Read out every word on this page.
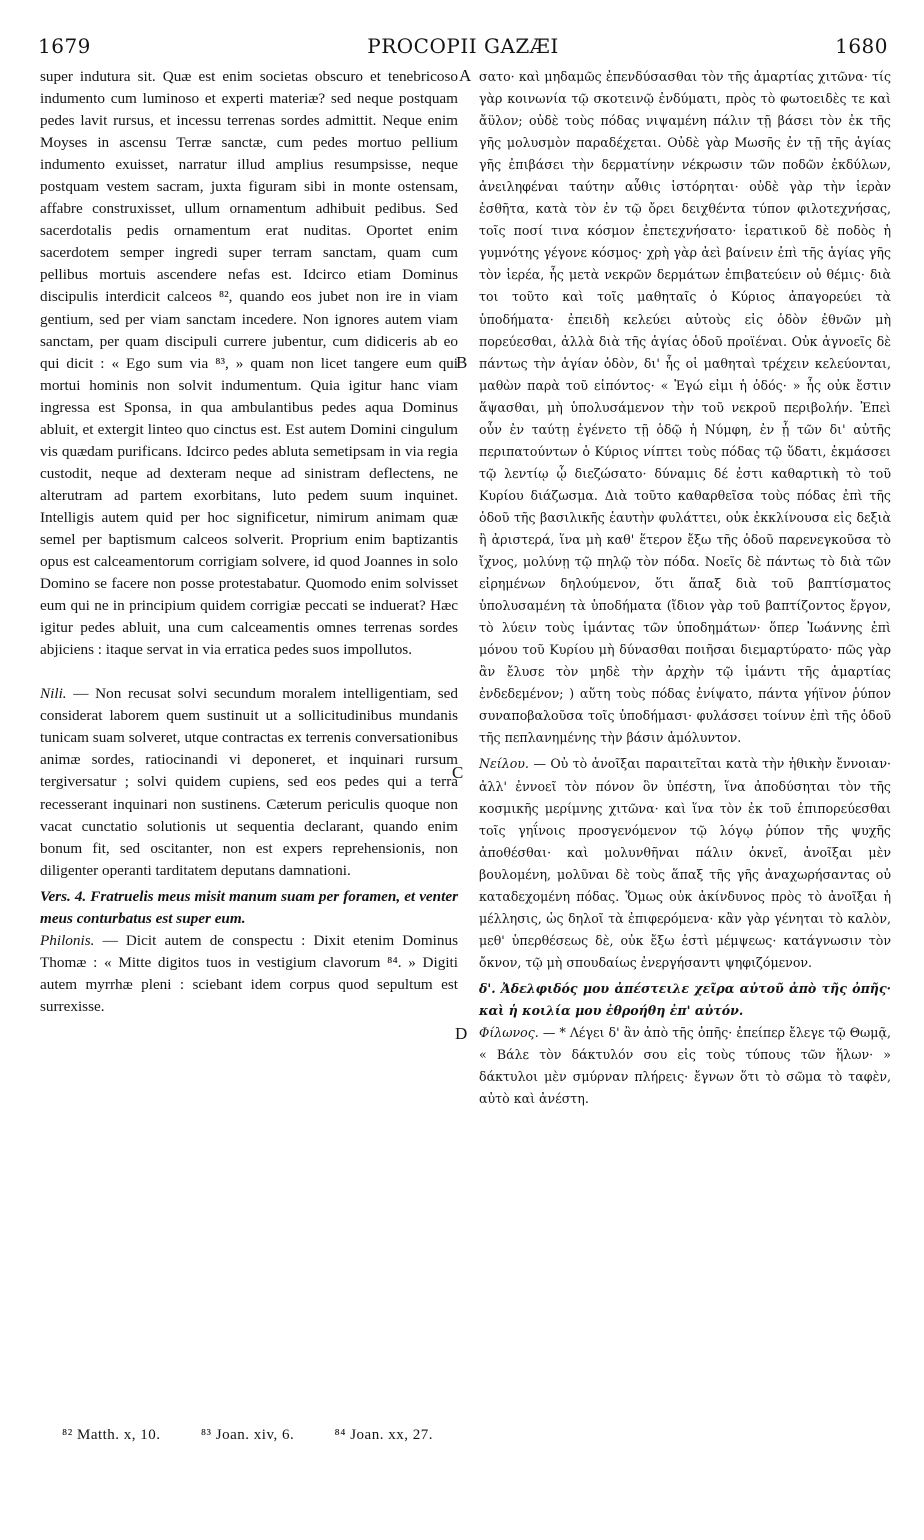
1679	PROCOPII GAZÆI	1680

super indutura sit. Quæ est enim societas obscuro et tenebricoso indumento cum luminoso et experti materiæ? sed neque postquam pedes lavit rursus, et incessu terrenas sordes admittit. Neque enim Moyses in ascensu Terræ sanctæ, cum pedes mortuo pellium indumento exuisset, narratur illud amplius resumpsisse, neque postquam vestem sacram, juxta figuram sibi in monte ostensam, affabre construxisset, ullum ornamentum adhibuit pedibus. Sed sacerdotalis pedis ornamentum erat nuditas. Oportet enim sacerdotem semper ingredi super terram sanctam, quam cum pellibus mortuis ascendere nefas est. Idcirco etiam Dominus discipulis interdicit calceos ⁸², quando eos jubet non ire in viam gentium, sed per viam sanctam incedere. Non ignores autem viam sanctam, per quam discipuli currere jubentur, cum didiceris ab eo qui dicit : « Ego sum via ⁸³, » quam non licet tangere eum qui mortui hominis non solvit indumentum. Quia igitur hanc viam ingressa est Sponsa, in qua ambulantibus pedes aqua Dominus abluit, et extergit linteo quo cinctus est. Est autem Domini cingulum vis quædam purificans. Idcirco pedes abluta semetipsam in via regia custodit, neque ad dexteram neque ad sinistram deflectens, ne alterutram ad partem exorbitans, luto pedem suum inquinet. Intelligis autem quid per hoc significetur, nimirum animam quæ semel per baptismum calceos solverit. Proprium enim baptizantis opus est calceamentorum corrigiam solvere, id quod Joannes in solo Domino se facere non posse protestabatur. Quomodo enim solvisset eum qui ne in principium quidem corrigiæ peccati se induerat? Hæc igitur pedes abluit, una cum calceamentis omnes terrenas sordes abjiciens : itaque servat in via erratica pedes suos impollutos.

Nili. — Non recusat solvi secundum moralem intelligentiam, sed considerat laborem quem sustinuit ut a sollicitudinibus mundanis tunicam suam solveret, utque contractas ex terrenis conversationibus animæ sordes, ratiocinandi vi deponeret, et inquinari rursum tergiversatur ; solvi quidem cupiens, sed eos pedes qui a terra recesserant inquinari non sustinens. Cæterum periculis quoque non vacat cunctatio solutionis ut sequentia declarant, quando enim bonum fit, sed oscitanter, non est expers reprehensionis, non diligenter operanti tarditatem deputans damnationi.

Vers. 4. Fratruelis meus misit manum suam per foramen, et venter meus conturbatus est super eum.

Philonis. — Dicit autem de conspectu : Dixit etenim Dominus Thomæ : « Mitte digitos tuos in vestigium clavorum ⁸⁴. » Digiti autem myrrhæ pleni : sciebant idem corpus quod sepultum est surrexisse.

A
B
C
D

σατο· καὶ μηδαμῶς ἐπενδύσασθαι τὸν τῆς ἁμαρτίας χιτῶνα· τίς γὰρ κοινωνία τῷ σκοτεινῷ ἐνδύματι, πρὸς τὸ φωτοειδὲς τε καὶ ἄϋλον; οὐδὲ τοὺς πόδας νιψαμένη πάλιν τῇ βάσει τὸν ἐκ τῆς γῆς μολυσμὸν παραδέχεται. Οὐδὲ γὰρ Μωσῆς ἐν τῇ τῆς ἁγίας γῆς ἐπιβάσει τὴν δερματίνην νέκρωσιν τῶν ποδῶν ἐκδύλων, ἀνειληφέναι ταύτην αὖθις ἱστόρηται· οὐδὲ γὰρ τὴν ἱερὰν ἐσθῆτα, κατὰ τὸν ἐν τῷ ὄρει δειχθέντα τύπον φιλοτεχνήσας, τοῖς ποσί τινα κόσμον ἐπετεχνήσατο· ἱερατικοῦ δὲ ποδὸς ἡ γυμνότης γέγονε κόσμος· χρὴ γὰρ ἀεὶ βαίνειν ἐπὶ τῆς ἁγίας γῆς τὸν ἱερέα, ἧς μετὰ νεκρῶν δερμάτων ἐπιβατεύειν οὐ θέμις· διὰ τοι τοῦτο καὶ τοῖς μαθηταῖς ὁ Κύριος ἀπαγορεύει τὰ ὑποδήματα· ἐπειδὴ κελεύει αὐτοὺς εἰς ὁδὸν ἐθνῶν μὴ πορεύεσθαι, ἀλλὰ διὰ τῆς ἁγίας ὁδοῦ προϊέναι. Οὐκ ἀγνοεῖς δὲ πάντως τὴν ἁγίαν ὁδὸν, δι' ἧς οἱ μαθηταὶ τρέχειν κελεύονται, μαθὼν παρὰ τοῦ εἰπόντος· « Ἐγώ εἰμι ἡ ὁδός· » ἧς οὐκ ἔστιν ἅψασθαι, μὴ ὑπολυσάμενον τὴν τοῦ νεκροῦ περιβολήν. Ἐπεὶ οὖν ἐν ταύτῃ ἐγένετο τῇ ὁδῷ ἡ Νύμφη, ἐν ᾗ τῶν δι' αὐτῆς περιπατούντων ὁ Κύριος νίπτει τοὺς πόδας τῷ ὕδατι, ἐκμάσσει τῷ λεντίῳ ᾧ διεζώσατο· δύναμις δέ ἐστι καθαρτικὴ τὸ τοῦ Κυρίου διάζωσμα. Διὰ τοῦτο καθαρθεῖσα τοὺς πόδας ἐπὶ τῆς ὁδοῦ τῆς βασιλικῆς ἑαυτὴν φυλάττει, οὐκ ἐκκλίνουσα εἰς δεξιὰ ἢ ἀριστερά, ἵνα μὴ καθ' ἕτερον ἔξω τῆς ὁδοῦ παρενεγκοῦσα τὸ ἴχνος, μολύνῃ τῷ πηλῷ τὸν πόδα. Νοεῖς δὲ πάντως τὸ διὰ τῶν εἰρημένων δηλούμενον, ὅτι ἅπαξ διὰ τοῦ βαπτίσματος ὑπολυσαμένη τὰ ὑποδήματα (ἴδιον γὰρ τοῦ βαπτίζοντος ἔργον, τὸ λύειν τοὺς ἱμάντας τῶν ὑποδημάτων· ὅπερ Ἰωάννης ἐπὶ μόνου τοῦ Κυρίου μὴ δύνασθαι ποιῆσαι διεμαρτύρατο· πῶς γὰρ ἂν ἔλυσε τὸν μηδὲ τὴν ἀρχὴν τῷ ἱμάντι τῆς ἁμαρτίας ἐνδεδεμένον; ) αὕτη τοὺς πόδας ἐνίψατο, πάντα γήϊνον ῥύπον συναποβαλοῦσα τοῖς ὑποδήμασι· φυλάσσει τοίνυν ἐπὶ τῆς ὁδοῦ τῆς πεπλανημένης τὴν βάσιν ἀμόλυντον.

Νείλου. — Οὐ τὸ ἀνοῖξαι παραιτεῖται κατὰ τὴν ἠθικὴν ἔννοιαν· ἀλλ' ἐννοεῖ τὸν πόνον ὃν ὑπέστη, ἵνα ἀποδύσηται τὸν τῆς κοσμικῆς μερίμνης χιτῶνα· καὶ ἵνα τὸν ἐκ τοῦ ἐπιπορεύεσθαι τοῖς γηΐνοις προσγενόμενον τῷ λόγῳ ῥύπον τῆς ψυχῆς ἀποθέσθαι· καὶ μολυνθῆναι πάλιν ὀκνεῖ, ἀνοῖξαι μὲν βουλομένη, μολῦναι δὲ τοὺς ἅπαξ τῆς γῆς ἀναχωρήσαντας οὐ καταδεχομένη πόδας. Ὅμως οὐκ ἀκίνδυνος πρὸς τὸ ἀνοῖξαι ἡ μέλλησις, ὡς δηλοῖ τὰ ἐπιφερόμενα· κἂν γὰρ γένηται τὸ καλὸν, μεθ' ὑπερθέσεως δὲ, οὐκ ἔξω ἐστὶ μέμψεως· κατάγνωσιν τὸν ὄκνον, τῷ μὴ σπουδαίως ἐνεργήσαντι ψηφιζόμενον.

δ'. Ἀδελφιδός μου ἀπέστειλε χεῖρα αὐτοῦ ἀπὸ τῆς ὀπῆς· καὶ ἡ κοιλία μου ἐθροήθη ἐπ' αὐτόν.

Φίλωνος. — * Λέγει δ' ἂν ἀπὸ τῆς ὀπῆς· ἐπείπερ ἔλεγε τῷ Θωμᾷ, « Βάλε τὸν δάκτυλόν σου εἰς τοὺς τύπους τῶν ἥλων· » δάκτυλοι μὲν σμύρναν πλήρεις· ἔγνων ὅτι τὸ σῶμα τὸ ταφὲν, αὐτὸ καὶ ἀνέστη.

⁸² Matth. x, 10.	⁸³ Joan. xiv, 6.	⁸⁴ Joan. xx, 27.
